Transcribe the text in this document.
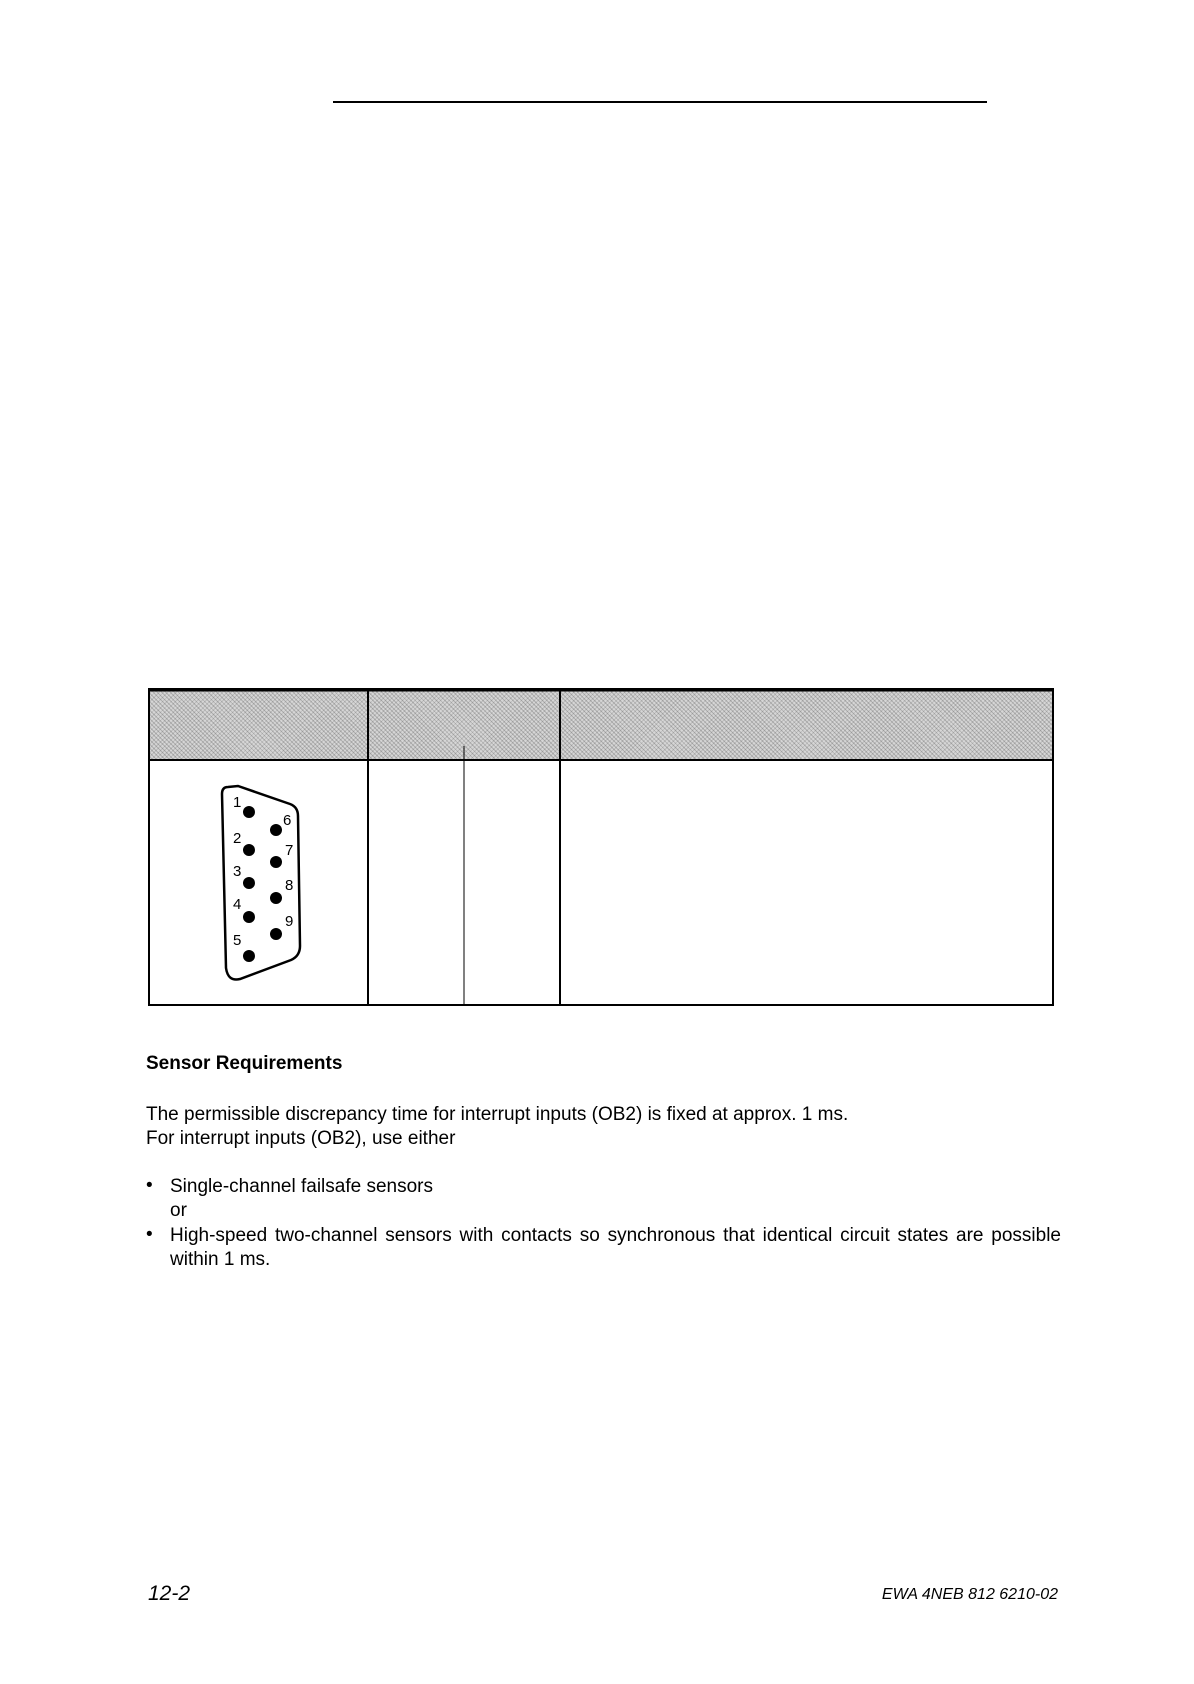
1
2
3
4
5
6
7
8
9
Sensor Requirements

The permissible discrepancy time for interrupt inputs (OB2) is fixed at approx. 1 ms.

For interrupt inputs (OB2), use either

• Single-channel failsafe sensors

or

• High-speed two-channel sensors with contacts so synchronous that identical circuit states are possible within 1 ms.

12-2	EWA 4NEB 812 6210-02
